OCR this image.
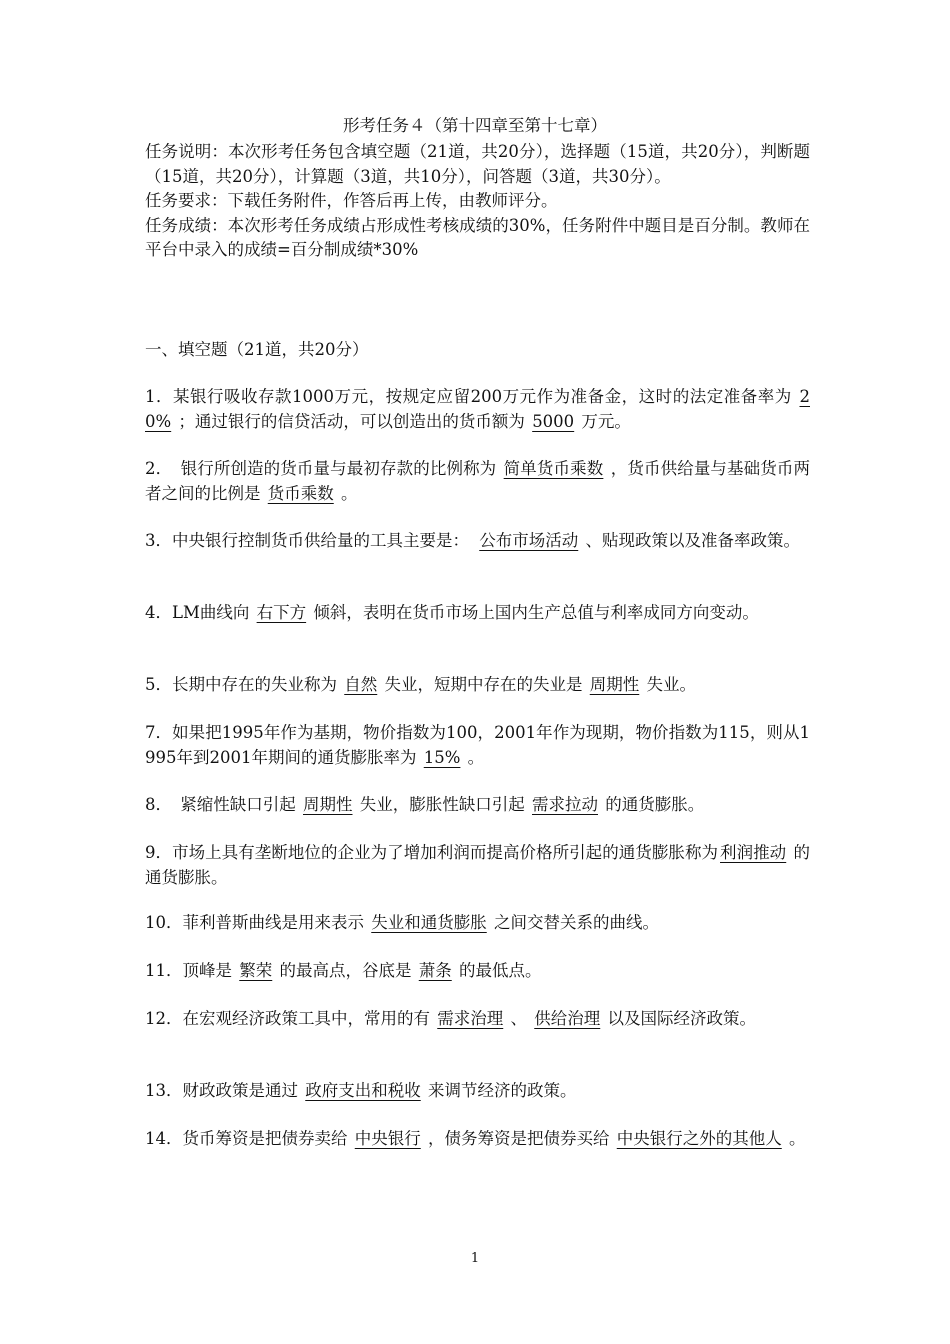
形考任务４（第十四章至第十七章）

任务说明：本次形考任务包含填空题（21道，共20分），选择题（15道，共20分），判断题（15道，共20分），计算题（3道，共10分），问答题（3道，共30分）。

任务要求：下载任务附件，作答后再上传，由教师评分。

任务成绩：本次形考任务成绩占形成性考核成绩的30%，任务附件中题目是百分制。教师在平台中录入的成绩=百分制成绩*30%

一、填空题（21道，共20分）

1．某银行吸收存款1000万元，按规定应留200万元作为准备金，这时的法定准备率为 20% ；通过银行的信贷活动，可以创造出的货币额为 5000 万元。

2．　银行所创造的货币量与最初存款的比例称为 简单货币乘数 ，货币供给量与基础货币两者之间的比例是 货币乘数 。

3．中央银行控制货币供给量的工具主要是：　公布市场活动 、贴现政策以及准备率政策。

4．LM曲线向 右下方 倾斜，表明在货币市场上国内生产总值与利率成同方向变动。

5．长期中存在的失业称为 自然 失业，短期中存在的失业是 周期性 失业。

7．如果把1995年作为基期，物价指数为100，2001年作为现期，物价指数为115，则从1995年到2001年期间的通货膨胀率为 15% 。

8．　紧缩性缺口引起 周期性 失业，膨胀性缺口引起 需求拉动 的通货膨胀。

9．市场上具有垄断地位的企业为了增加利润而提高价格所引起的通货膨胀称为 利润推动 的通货膨胀。

10．菲利普斯曲线是用来表示 失业和通货膨胀 之间交替关系的曲线。

11．顶峰是 繁荣 的最高点，谷底是 萧条 的最低点。

12．在宏观经济政策工具中，常用的有 需求治理 、 供给治理 以及国际经济政策。

13．财政政策是通过 政府支出和税收 来调节经济的政策。

14．货币筹资是把债券卖给 中央银行 ，债务筹资是把债券买给 中央银行之外的其他人 。

1
